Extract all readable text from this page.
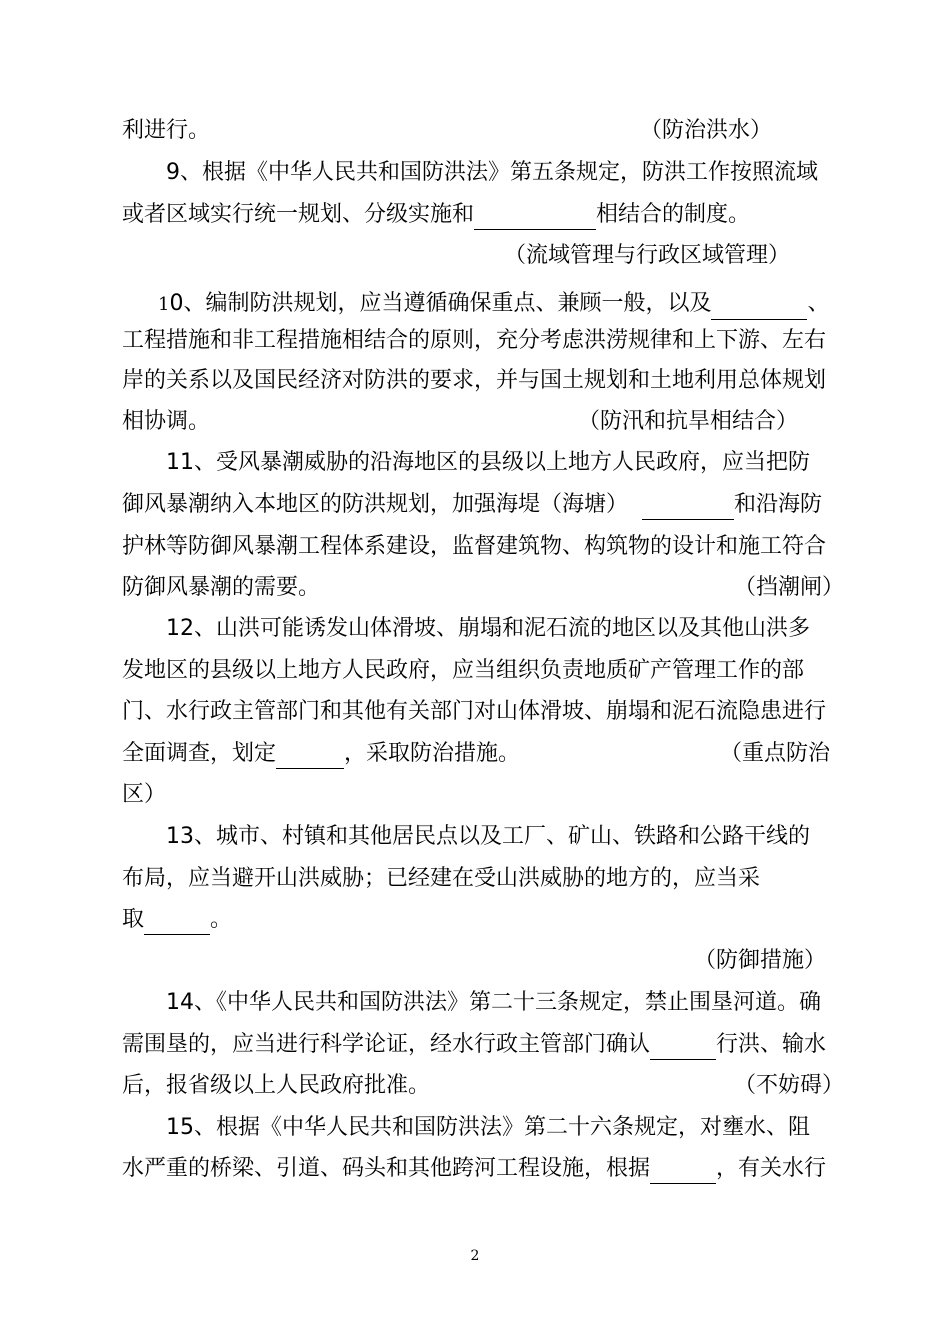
利进行。	（防治洪水）
9、根据《中华人民共和国防洪法》第五条规定，防洪工作按照流域
或者区域实行统一规划、分级实施和	相结合的制度。
（流域管理与行政区域管理）
10、编制防洪规划，应当遵循确保重点、兼顾一般，以及	、
工程措施和非工程措施相结合的原则，充分考虑洪涝规律和上下游、左右
岸的关系以及国民经济对防洪的要求，并与国土规划和土地利用总体规划
相协调。	（防汛和抗旱相结合）
11、受风暴潮威胁的沿海地区的县级以上地方人民政府，应当把防
御风暴潮纳入本地区的防洪规划，加强海堤（海塘）	和沿海防
护林等防御风暴潮工程体系建设，监督建筑物、构筑物的设计和施工符合
防御风暴潮的需要。	（挡潮闸）
12、山洪可能诱发山体滑坡、崩塌和泥石流的地区以及其他山洪多
发地区的县级以上地方人民政府，应当组织负责地质矿产管理工作的部
门、水行政主管部门和其他有关部门对山体滑坡、崩塌和泥石流隐患进行
全面调查，划定	，采取防治措施。	（重点防治
区）
13、城市、村镇和其他居民点以及工厂、矿山、铁路和公路干线的
布局，应当避开山洪威胁；已经建在受山洪威胁的地方的，应当采
取	。
（防御措施）
14、《中华人民共和国防洪法》第二十三条规定，禁止围垦河道。确
需围垦的，应当进行科学论证，经水行政主管部门确认	行洪、输水
后，报省级以上人民政府批准。	（不妨碍）
15、根据《中华人民共和国防洪法》第二十六条规定，对壅水、阻
水严重的桥梁、引道、码头和其他跨河工程设施，根据	，有关水行
2
